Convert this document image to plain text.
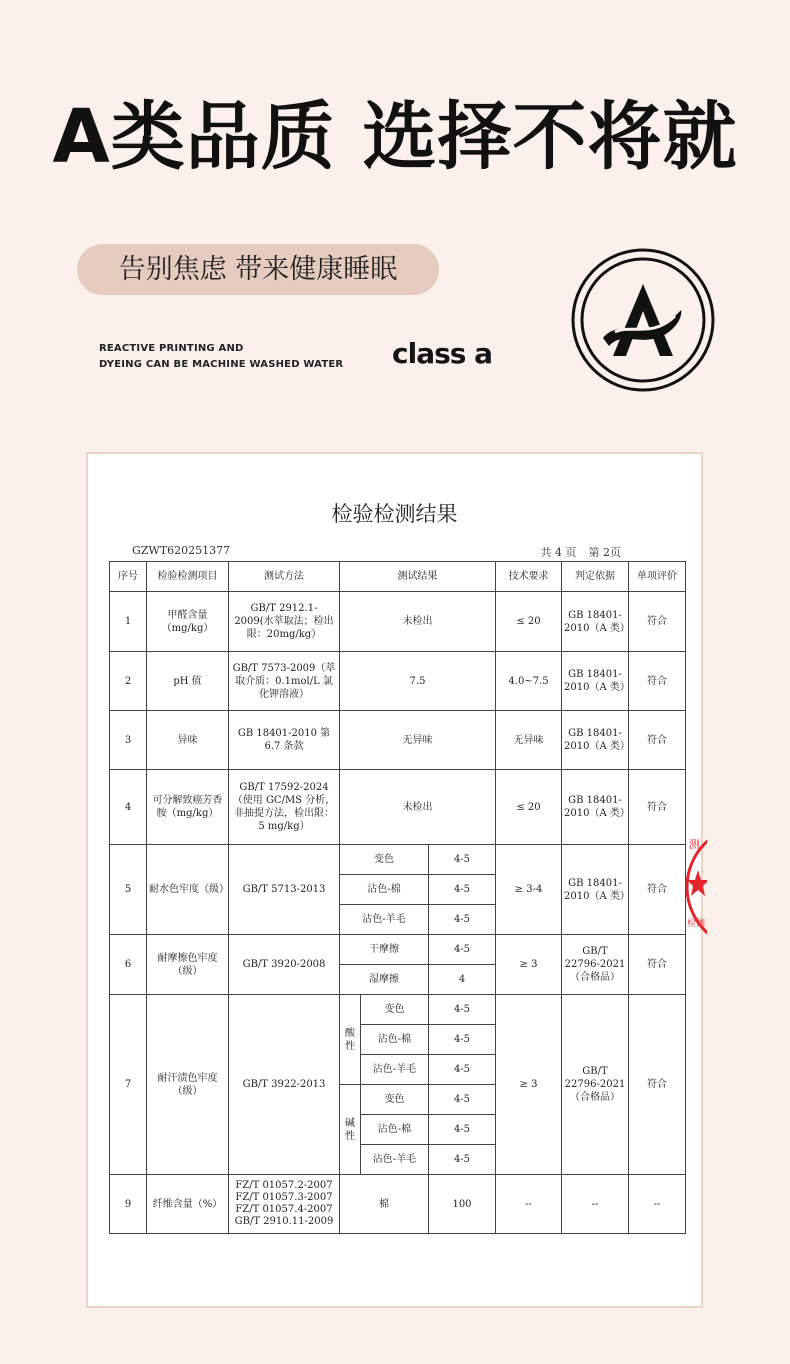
A类品质 选择不将就
告别焦虑 带来健康睡眠
REACTIVE PRINTING AND
DYEING CAN BE MACHINE WASHED WATER	class a
检验检测结果
GZWT620251377	共 4 页 第 2页
序号	检验检测项目	测试方法	测试结果			技术要求	判定依据	单项评价
1	甲醛含量（mg/kg）	GB/T 2912.1-2009(水萃取法；检出限：20mg/kg）	未检出			≤ 20	GB 18401-2010（A 类）	符合
2	pH 值	GB/T 7573-2009（萃取介质：0.1mol/L 氯化钾溶液）	7.5			4.0~7.5	GB 18401-2010（A 类）	符合
3	异味	GB 18401-2010 第 6.7 条款	无异味			无异味	GB 18401-2010（A 类）	符合
4	可分解致癌芳香胺（mg/kg）	GB/T 17592-2024（使用 GC/MS 分析，非抽提方法，检出限：5 mg/kg）	未检出			≤ 20	GB 18401-2010（A 类）	符合
5	耐水色牢度（级）	GB/T 5713-2013	变色		4-5	≥ 3-4	GB 18401-2010（A 类）	符合
			沾色-棉		4-5			
			沾色-羊毛		4-5			
6	耐摩擦色牢度（级）	GB/T 3920-2008	干摩擦		4-5	≥ 3	GB/T 22796-2021（合格品）	符合
			湿摩擦		4			
7	耐汗渍色牢度（级）	GB/T 3922-2013	酸性	变色	4-5	≥ 3	GB/T 22796-2021（合格品）	符合
				沾色-棉	4-5			
				沾色-羊毛	4-5			
			碱性	变色	4-5			
				沾色-棉	4-5			
				沾色-羊毛	4-5			
9	纤维含量（%）	FZ/T 01057.2-2007
FZ/T 01057.3-2007
FZ/T 01057.4-2007
GB/T 2910.11-2009	棉		100	--	--	--
测
检测
